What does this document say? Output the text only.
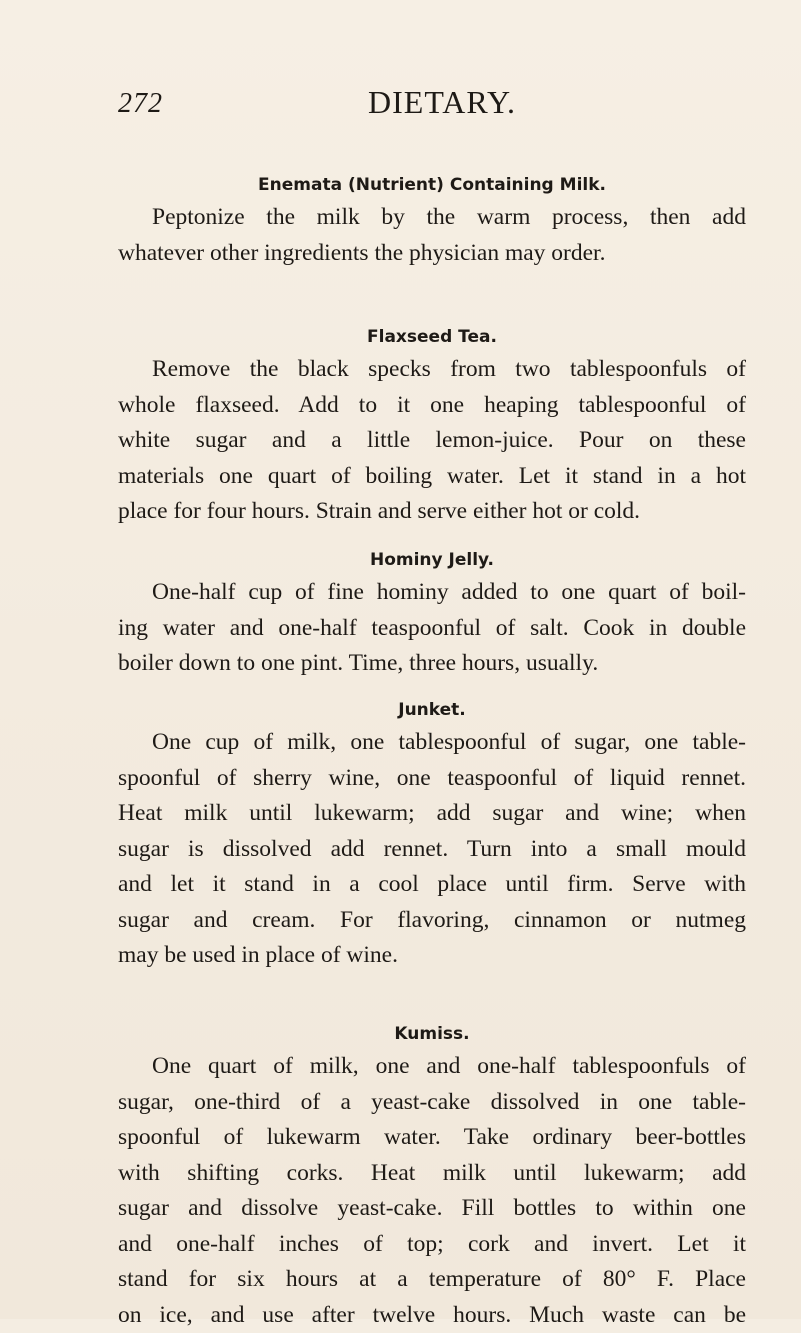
272	DIETARY.
Enemata (Nutrient) Containing Milk.

Peptonize the milk by the warm process, then add
whatever other ingredients the physician may order.

Flaxseed Tea.

Remove the black specks from two tablespoonfuls of
whole flaxseed. Add to it one heaping tablespoonful of
white sugar and a little lemon-juice. Pour on these
materials one quart of boiling water. Let it stand in a hot
place for four hours. Strain and serve either hot or cold.

Hominy Jelly.

One-half cup of fine hominy added to one quart of boil-
ing water and one-half teaspoonful of salt. Cook in double
boiler down to one pint. Time, three hours, usually.

Junket.

One cup of milk, one tablespoonful of sugar, one table-
spoonful of sherry wine, one teaspoonful of liquid rennet.
Heat milk until lukewarm; add sugar and wine; when
sugar is dissolved add rennet. Turn into a small mould
and let it stand in a cool place until firm. Serve with
sugar and cream. For flavoring, cinnamon or nutmeg
may be used in place of wine.

Kumiss.

One quart of milk, one and one-half tablespoonfuls of
sugar, one-third of a yeast-cake dissolved in one table-
spoonful of lukewarm water. Take ordinary beer-bottles
with shifting corks. Heat milk until lukewarm; add
sugar and dissolve yeast-cake. Fill bottles to within one
and one-half inches of top; cork and invert. Let it
stand for six hours at a temperature of 80° F. Place
on ice, and use after twelve hours. Much waste can be
